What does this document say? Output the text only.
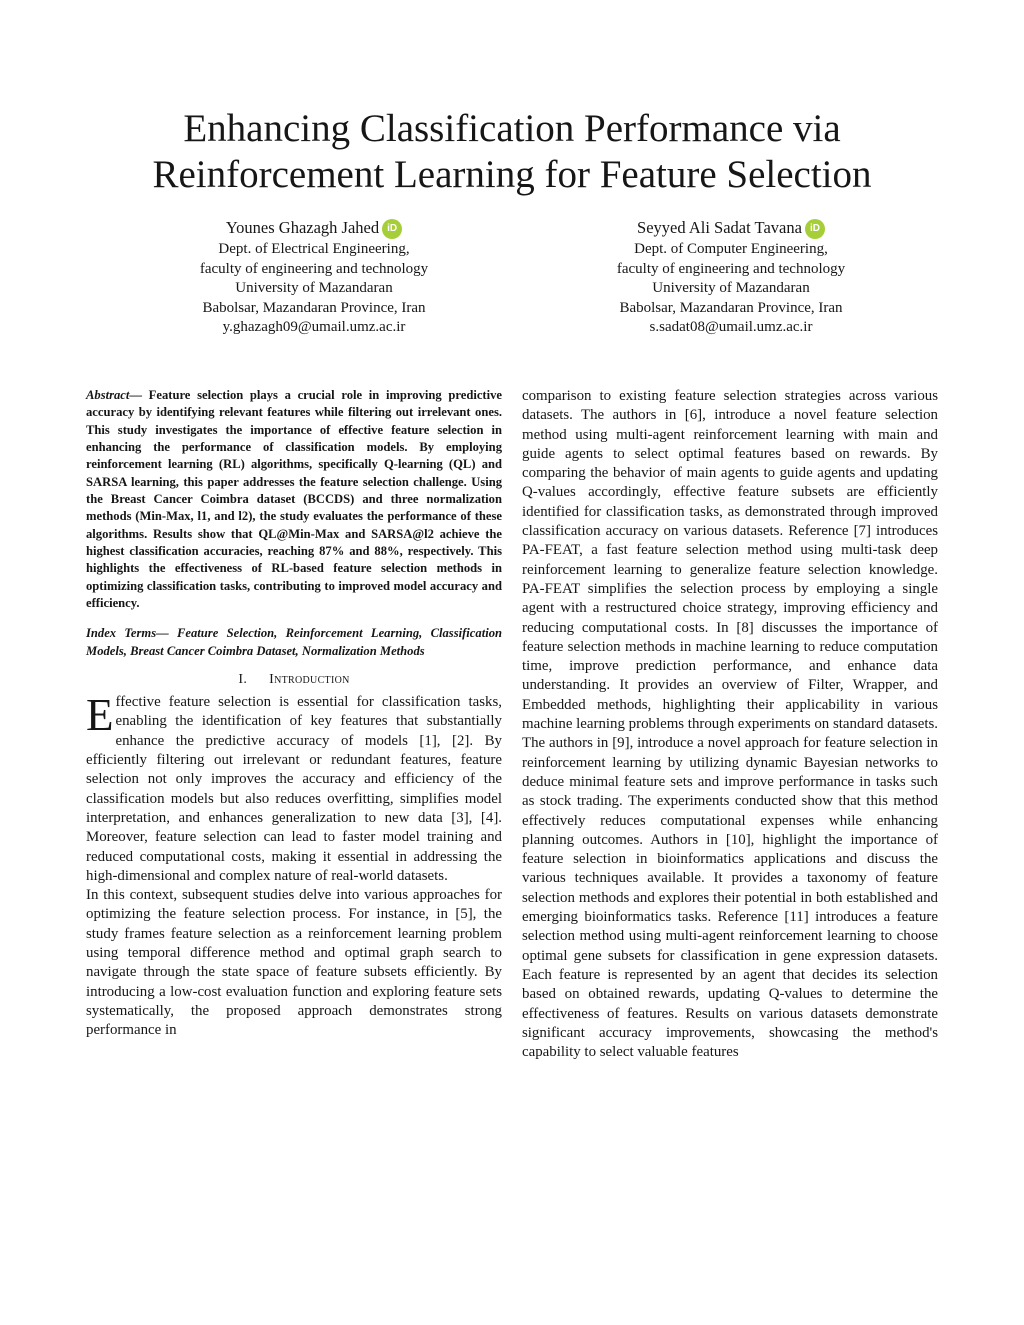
Enhancing Classification Performance via
Reinforcement Learning for Feature Selection
Younes Ghazagh Jahed iD
Dept. of Electrical Engineering,
faculty of engineering and technology
University of Mazandaran
Babolsar, Mazandaran Province, Iran
y.ghazagh09@umail.umz.ac.ir
Seyyed Ali Sadat Tavana iD
Dept. of Computer Engineering,
faculty of engineering and technology
University of Mazandaran
Babolsar, Mazandaran Province, Iran
s.sadat08@umail.umz.ac.ir

Abstract— Feature selection plays a crucial role in improving predictive accuracy by identifying relevant features while filtering out irrelevant ones. This study investigates the importance of effective feature selection in enhancing the performance of classification models. By employing reinforcement learning (RL) algorithms, specifically Q-learning (QL) and SARSA learning, this paper addresses the feature selection challenge. Using the Breast Cancer Coimbra dataset (BCCDS) and three normalization methods (Min-Max, l1, and l2), the study evaluates the performance of these algorithms. Results show that QL@Min-Max and SARSA@l2 achieve the highest classification accuracies, reaching 87% and 88%, respectively. This highlights the effectiveness of RL-based feature selection methods in optimizing classification tasks, contributing to improved model accuracy and efficiency.

Index Terms— Feature Selection, Reinforcement Learning, Classification Models, Breast Cancer Coimbra Dataset, Normalization Methods

I. Introduction

Effective feature selection is essential for classification tasks, enabling the identification of key features that substantially enhance the predictive accuracy of models [1], [2]. By efficiently filtering out irrelevant or redundant features, feature selection not only improves the accuracy and efficiency of the classification models but also reduces overfitting, simplifies model interpretation, and enhances generalization to new data [3], [4]. Moreover, feature selection can lead to faster model training and reduced computational costs, making it essential in addressing the high-dimensional and complex nature of real-world datasets.

In this context, subsequent studies delve into various approaches for optimizing the feature selection process. For instance, in [5], the study frames feature selection as a reinforcement learning problem using temporal difference method and optimal graph search to navigate through the state space of feature subsets efficiently. By introducing a low-cost evaluation function and exploring feature sets systematically, the proposed approach demonstrates strong performance in

comparison to existing feature selection strategies across various datasets. The authors in [6], introduce a novel feature selection method using multi-agent reinforcement learning with main and guide agents to select optimal features based on rewards. By comparing the behavior of main agents to guide agents and updating Q-values accordingly, effective feature subsets are efficiently identified for classification tasks, as demonstrated through improved classification accuracy on various datasets. Reference [7] introduces PA-FEAT, a fast feature selection method using multi-task deep reinforcement learning to generalize feature selection knowledge. PA-FEAT simplifies the selection process by employing a single agent with a restructured choice strategy, improving efficiency and reducing computational costs. In [8] discusses the importance of feature selection methods in machine learning to reduce computation time, improve prediction performance, and enhance data understanding. It provides an overview of Filter, Wrapper, and Embedded methods, highlighting their applicability in various machine learning problems through experiments on standard datasets. The authors in [9], introduce a novel approach for feature selection in reinforcement learning by utilizing dynamic Bayesian networks to deduce minimal feature sets and improve performance in tasks such as stock trading. The experiments conducted show that this method effectively reduces computational expenses while enhancing planning outcomes. Authors in [10], highlight the importance of feature selection in bioinformatics applications and discuss the various techniques available. It provides a taxonomy of feature selection methods and explores their potential in both established and emerging bioinformatics tasks. Reference [11] introduces a feature selection method using multi-agent reinforcement learning to choose optimal gene subsets for classification in gene expression datasets. Each feature is represented by an agent that decides its selection based on obtained rewards, updating Q-values to determine the effectiveness of features. Results on various datasets demonstrate significant accuracy improvements, showcasing the method's capability to select valuable features
